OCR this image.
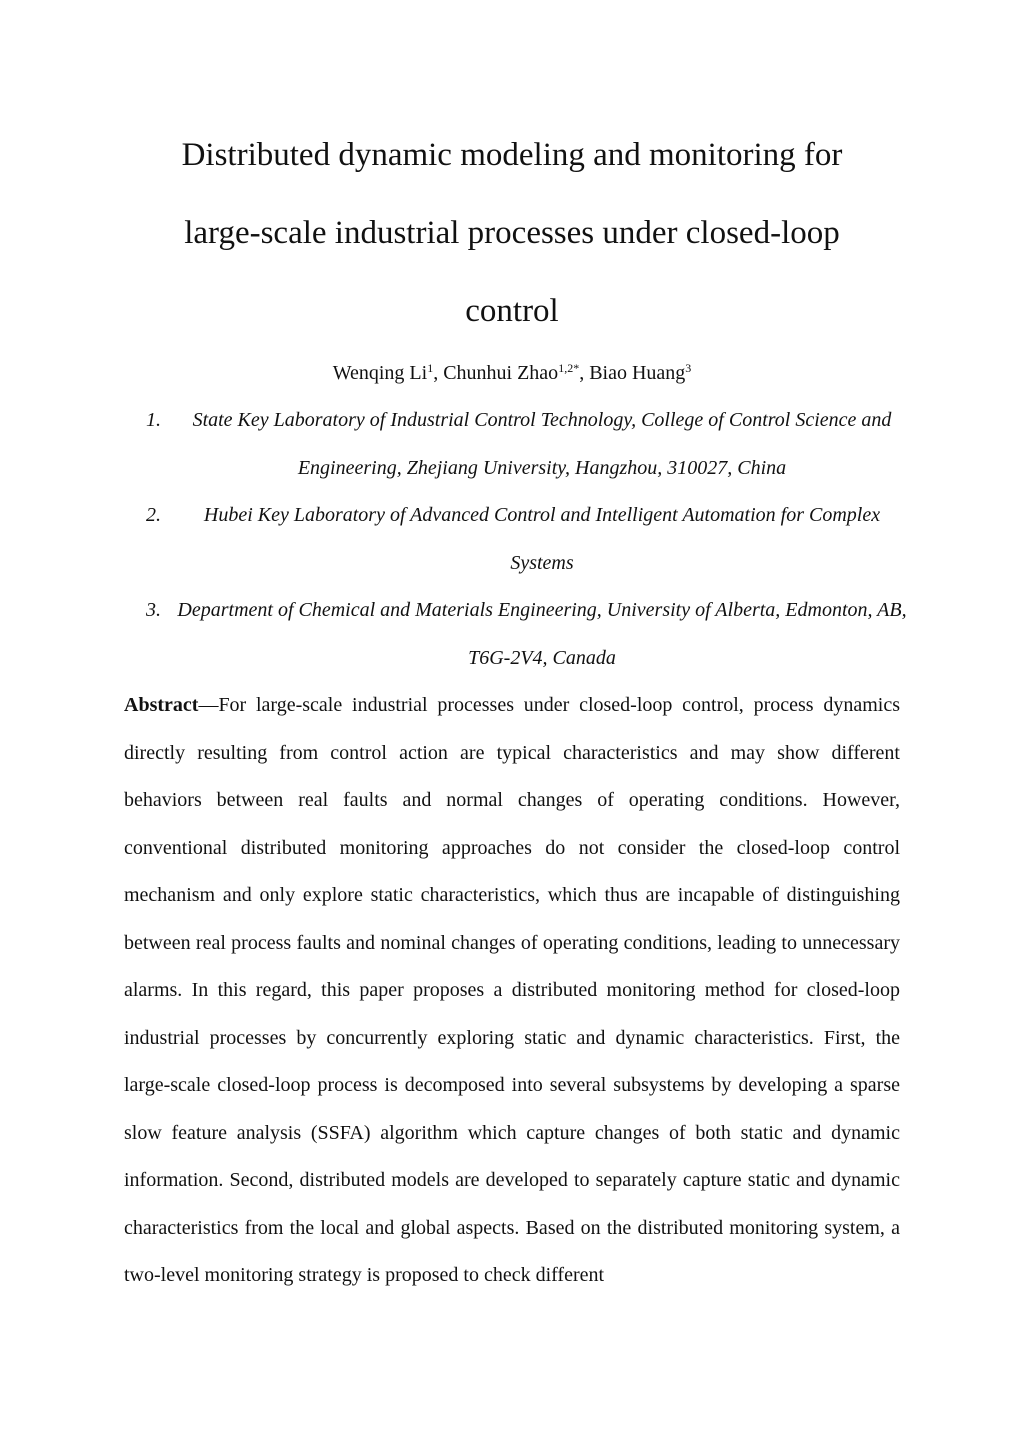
Distributed dynamic modeling and monitoring for
large-scale industrial processes under closed-loop
control
Wenqing Li$^1$, Chunhui Zhao$^{1,2*}$, Biao Huang$^3$
1. State Key Laboratory of Industrial Control Technology, College of Control Science and Engineering, Zhejiang University, Hangzhou, 310027, China
2. Hubei Key Laboratory of Advanced Control and Intelligent Automation for Complex Systems
3. Department of Chemical and Materials Engineering, University of Alberta, Edmonton, AB, T6G-2V4, Canada

Abstract—For large-scale industrial processes under closed-loop control, process dynamics directly resulting from control action are typical characteristics and may show different behaviors between real faults and normal changes of operating conditions. However, conventional distributed monitoring approaches do not consider the closed-loop control mechanism and only explore static characteristics, which thus are incapable of distinguishing between real process faults and nominal changes of operating conditions, leading to unnecessary alarms. In this regard, this paper proposes a distributed monitoring method for closed-loop industrial processes by concurrently exploring static and dynamic characteristics. First, the large-scale closed-loop process is decomposed into several subsystems by developing a sparse slow feature analysis (SSFA) algorithm which capture changes of both static and dynamic information. Second, distributed models are developed to separately capture static and dynamic characteristics from the local and global aspects. Based on the distributed monitoring system, a two-level monitoring strategy is proposed to check different
